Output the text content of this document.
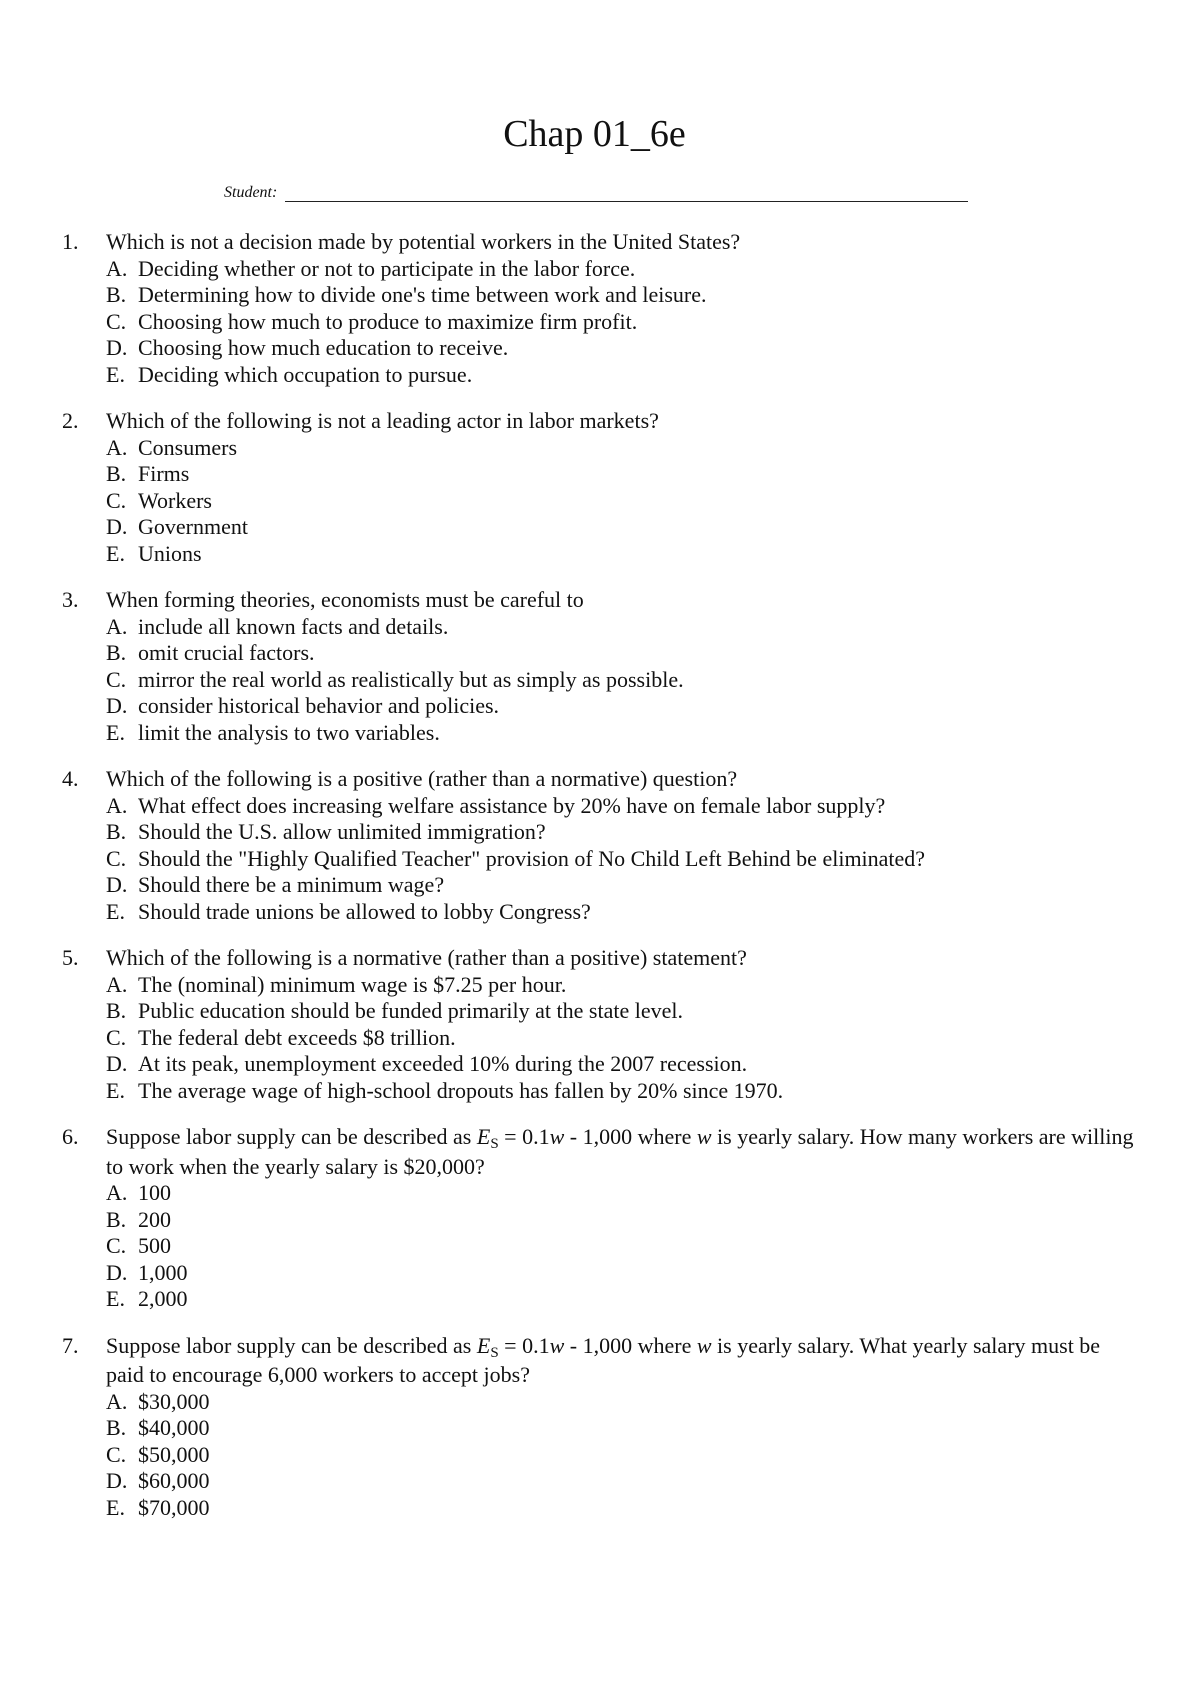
Chap 01_6e
Student:
1.	Which is not a decision made by potential workers in the United States?
A. Deciding whether or not to participate in the labor force.
B. Determining how to divide one's time between work and leisure.
C. Choosing how much to produce to maximize firm profit.
D. Choosing how much education to receive.
E. Deciding which occupation to pursue.
2.	Which of the following is not a leading actor in labor markets?
A. Consumers
B. Firms
C. Workers
D. Government
E. Unions
3.	When forming theories, economists must be careful to
A. include all known facts and details.
B. omit crucial factors.
C. mirror the real world as realistically but as simply as possible.
D. consider historical behavior and policies.
E. limit the analysis to two variables.
4.	Which of the following is a positive (rather than a normative) question?
A. What effect does increasing welfare assistance by 20% have on female labor supply?
B. Should the U.S. allow unlimited immigration?
C. Should the "Highly Qualified Teacher" provision of No Child Left Behind be eliminated?
D. Should there be a minimum wage?
E. Should trade unions be allowed to lobby Congress?
5.	Which of the following is a normative (rather than a positive) statement?
A. The (nominal) minimum wage is $7.25 per hour.
B. Public education should be funded primarily at the state level.
C. The federal debt exceeds $8 trillion.
D. At its peak, unemployment exceeded 10% during the 2007 recession.
E. The average wage of high-school dropouts has fallen by 20% since 1970.
6.	Suppose labor supply can be described as ES = 0.1w - 1,000 where w is yearly salary. How many workers are willing to work when the yearly salary is $20,000?
A. 100
B. 200
C. 500
D. 1,000
E. 2,000
7.	Suppose labor supply can be described as ES = 0.1w - 1,000 where w is yearly salary. What yearly salary must be paid to encourage 6,000 workers to accept jobs?
A. $30,000
B. $40,000
C. $50,000
D. $60,000
E. $70,000
